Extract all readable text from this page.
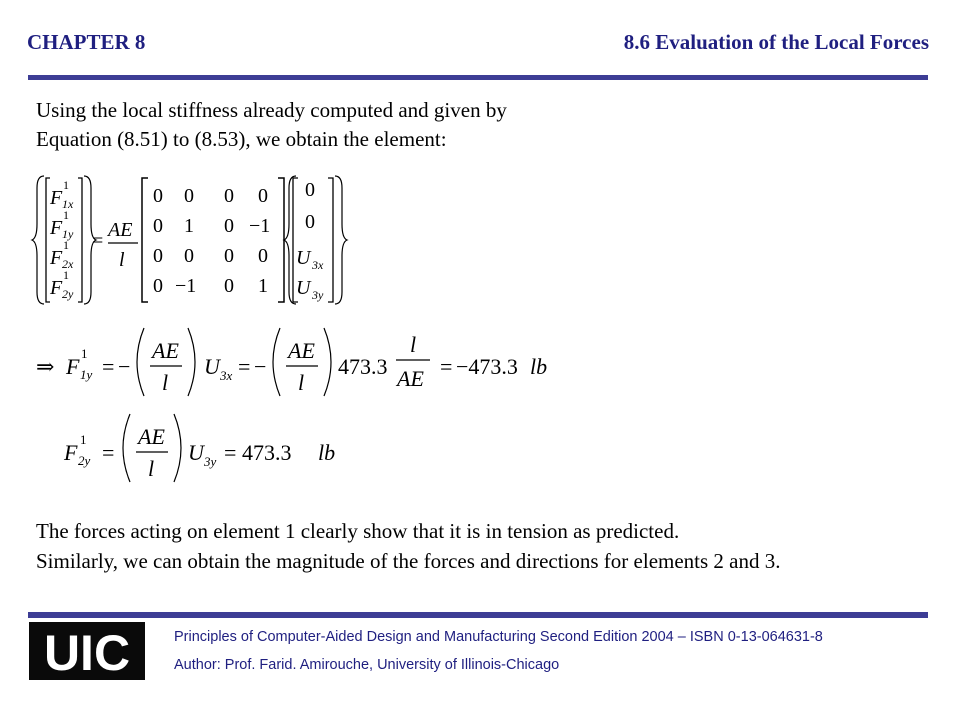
CHAPTER 8	8.6 Evaluation of the Local Forces
Using the local stiffness already computed and given by
Equation (8.51) to (8.53), we obtain the element:
F
1
1x
F
1
1y
F
1
2x
F
1
2y
= AE
l
0 0 0 0
0 1 0 −1
0 0 0 0
0 −1 0 1
0
0
U 3x
U 3y
⇒ F
1
1y = −
AE
l
U 3x = −
AE
l
473.3
l
AE = −473.3 lb
F
1
2y =
AE
l
U 3y = 473.3 lb
The forces acting on element 1 clearly show that it is in tension as predicted.
Similarly, we can obtain the magnitude of the forces and directions for elements 2 and 3.
UIC	Principles of Computer-Aided Design and Manufacturing Second Edition 2004 – ISBN 0-13-064631-8
Author: Prof. Farid. Amirouche, University of Illinois-Chicago
